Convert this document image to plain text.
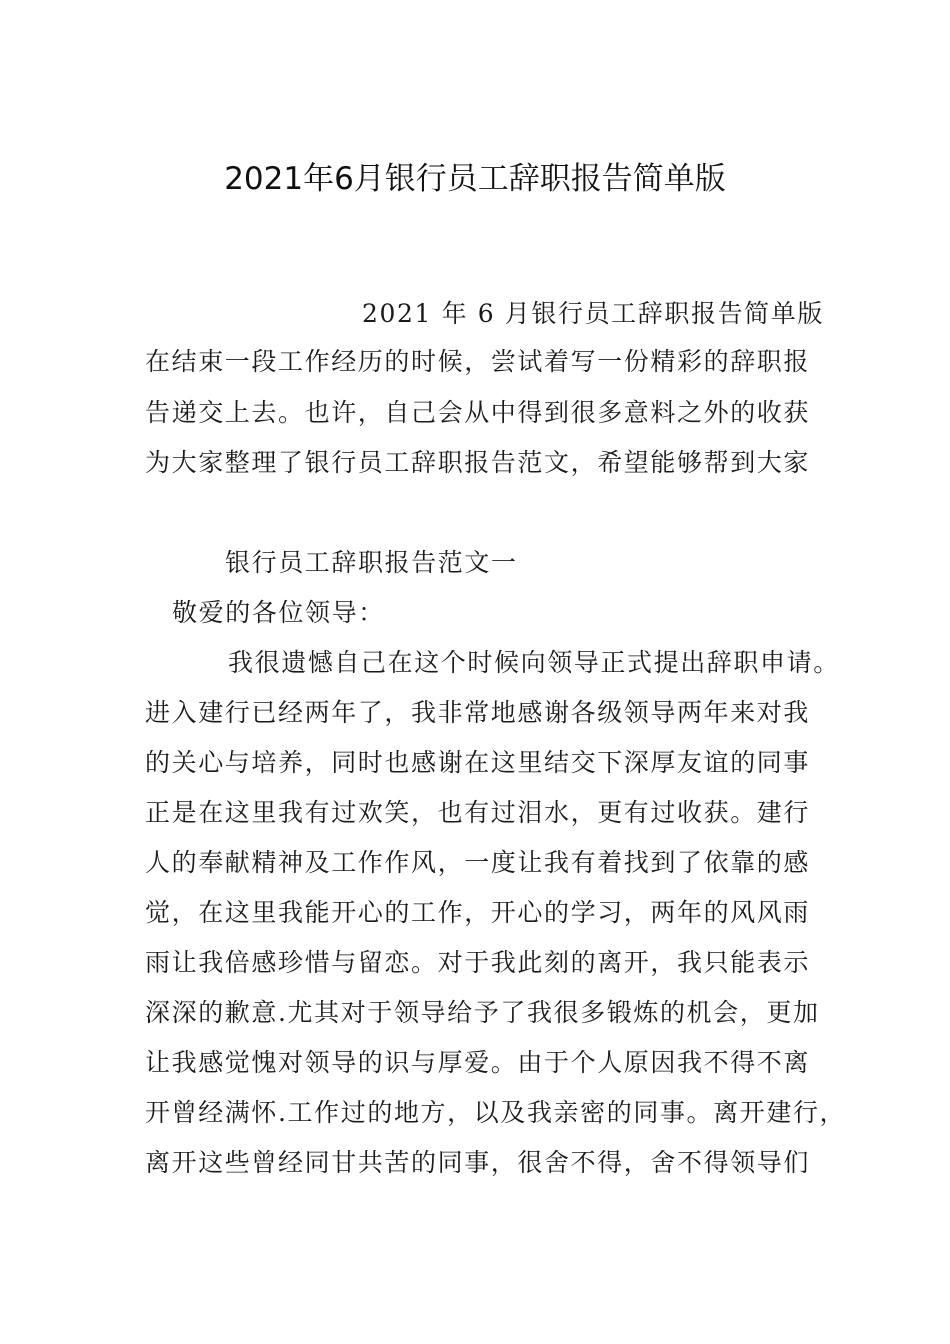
2021年6月银行员工辞职报告简单版
2021 年 6 月银行员工辞职报告简单版
在结束一段工作经历的时候，尝试着写一份精彩的辞职报
告递交上去。也许，自己会从中得到很多意料之外的收获
为大家整理了银行员工辞职报告范文，希望能够帮到大家
银行员工辞职报告范文一
敬爱的各位领导：
我很遗憾自己在这个时候向领导正式提出辞职申请。
进入建行已经两年了，我非常地感谢各级领导两年来对我
的关心与培养，同时也感谢在这里结交下深厚友谊的同事
正是在这里我有过欢笑，也有过泪水，更有过收获。建行
人的奉献精神及工作作风，一度让我有着找到了依靠的感
觉，在这里我能开心的工作，开心的学习，两年的风风雨
雨让我倍感珍惜与留恋。对于我此刻的离开，我只能表示
深深的歉意.尤其对于领导给予了我很多锻炼的机会，更加
让我感觉愧对领导的识与厚爱。由于个人原因我不得不离
开曾经满怀.工作过的地方，以及我亲密的同事。离开建行，
离开这些曾经同甘共苦的同事，很舍不得，舍不得领导们
